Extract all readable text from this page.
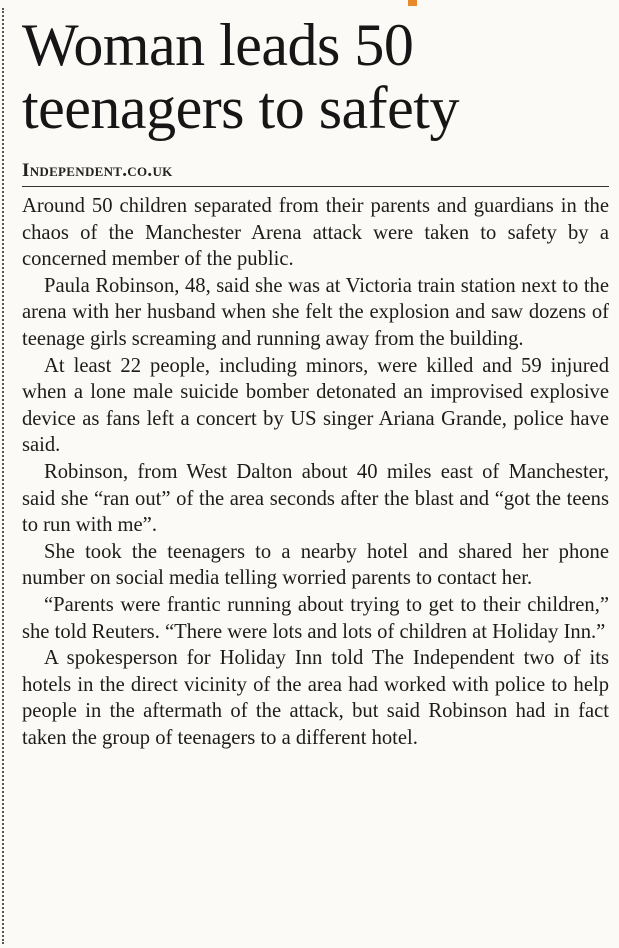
Woman leads 50 teenagers to safety
Independent.co.uk

Around 50 children separated from their parents and guardians in the chaos of the Manchester Arena attack were taken to safety by a concerned member of the public.

Paula Robinson, 48, said she was at Victoria train station next to the arena with her husband when she felt the explosion and saw dozens of teenage girls screaming and running away from the building.

At least 22 people, including minors, were killed and 59 injured when a lone male suicide bomber detonated an improvised explosive device as fans left a concert by US singer Ariana Grande, police have said.

Robinson, from West Dalton about 40 miles east of Manchester, said she “ran out” of the area seconds after the blast and “got the teens to run with me”.

She took the teenagers to a nearby hotel and shared her phone number on social media telling worried parents to contact her.

“Parents were frantic running about trying to get to their children,” she told Reuters. “There were lots and lots of children at Holiday Inn.”

A spokesperson for Holiday Inn told The Independent two of its hotels in the direct vicinity of the area had worked with police to help people in the aftermath of the attack, but said Robinson had in fact taken the group of teenagers to a different hotel.
